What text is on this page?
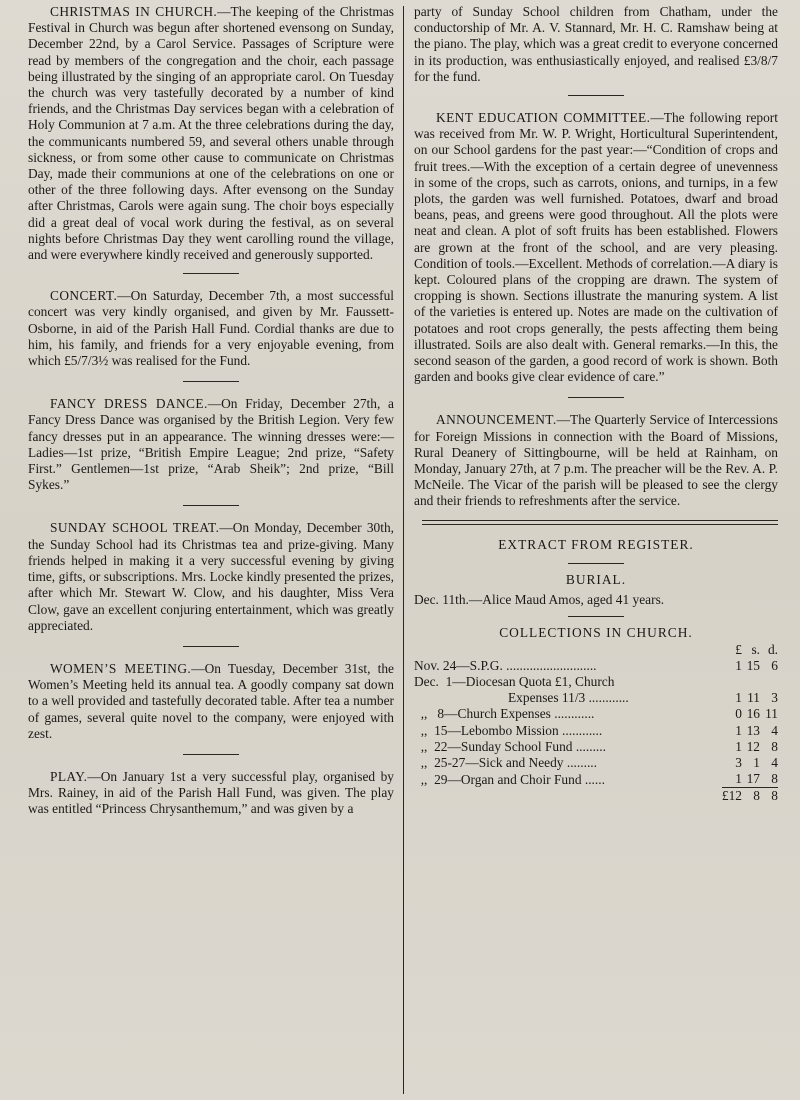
CHRISTMAS IN CHURCH.—The keeping of the Christmas Festival in Church was begun after shortened evensong on Sunday, December 22nd, by a Carol Service. Passages of Scripture were read by members of the congregation and the choir, each passage being illustrated by the singing of an appropriate carol. On Tuesday the church was very tastefully decorated by a number of kind friends, and the Christmas Day services began with a celebration of Holy Communion at 7 a.m. At the three celebrations during the day, the communicants numbered 59, and several others unable through sickness, or from some other cause to communicate on Christmas Day, made their communions at one of the celebrations on one or other of the three following days. After evensong on the Sunday after Christmas, Carols were again sung. The choir boys especially did a great deal of vocal work during the festival, as on several nights before Christmas Day they went carolling round the village, and were everywhere kindly received and generously supported.

CONCERT.—On Saturday, December 7th, a most successful concert was very kindly organised, and given by Mr. Faussett-Osborne, in aid of the Parish Hall Fund. Cordial thanks are due to him, his family, and friends for a very enjoyable evening, from which £5/7/3½ was realised for the Fund.

FANCY DRESS DANCE.—On Friday, December 27th, a Fancy Dress Dance was organised by the British Legion. Very few fancy dresses put in an appearance. The winning dresses were:—Ladies—1st prize, “British Empire League; 2nd prize, “Safety First.” Gentlemen—1st prize, “Arab Sheik”; 2nd prize, “Bill Sykes.”

SUNDAY SCHOOL TREAT.—On Monday, December 30th, the Sunday School had its Christmas tea and prize-giving. Many friends helped in making it a very successful evening by giving time, gifts, or subscriptions. Mrs. Locke kindly presented the prizes, after which Mr. Stewart W. Clow, and his daughter, Miss Vera Clow, gave an excellent conjuring entertainment, which was greatly appreciated.

WOMEN’S MEETING.—On Tuesday, December 31st, the Women’s Meeting held its annual tea. A goodly company sat down to a well provided and tastefully decorated table. After tea a number of games, several quite novel to the company, were enjoyed with zest.

PLAY.—On January 1st a very successful play, organised by Mrs. Rainey, in aid of the Parish Hall Fund, was given. The play was entitled “Princess Chrysanthemum,” and was given by a

party of Sunday School children from Chatham, under the conductorship of Mr. A. V. Stannard, Mr. H. C. Ramshaw being at the piano. The play, which was a great credit to everyone concerned in its production, was enthusiastically enjoyed, and realised £3/8/7 for the fund.

KENT EDUCATION COMMITTEE.—The following report was received from Mr. W. P. Wright, Horticultural Superintendent, on our School gardens for the past year:—“Condition of crops and fruit trees.—With the exception of a certain degree of unevenness in some of the crops, such as carrots, onions, and turnips, in a few plots, the garden was well furnished. Potatoes, dwarf and broad beans, peas, and greens were good throughout. All the plots were neat and clean. A plot of soft fruits has been established. Flowers are grown at the front of the school, and are very pleasing. Condition of tools.—Excellent. Methods of correlation.—A diary is kept. Coloured plans of the cropping are drawn. The system of cropping is shown. Sections illustrate the manuring system. A list of the varieties is entered up. Notes are made on the cultivation of potatoes and root crops generally, the pests affecting them being illustrated. Soils are also dealt with. General remarks.—In this, the second season of the garden, a good record of work is shown. Both garden and books give clear evidence of care.”

ANNOUNCEMENT.—The Quarterly Service of Intercessions for Foreign Missions in connection with the Board of Missions, Rural Deanery of Sittingbourne, will be held at Rainham, on Monday, January 27th, at 7 p.m. The preacher will be the Rev. A. P. McNeile. The Vicar of the parish will be pleased to see the clergy and their friends to refreshments after the service.

EXTRACT FROM REGISTER.

BURIAL.

Dec. 11th.—Alice Maud Amos, aged 41 years.

COLLECTIONS IN CHURCH.

	£	s.	d.
Nov. 24—S.P.G. ...........................	1	15	6
Dec.  1—Diocesan Quota £1, Church			
Expenses 11/3 ............	1	11	3
,,   8—Church Expenses ............	0	16	11
,,  15—Lebombo Mission ............	1	13	4
,,  22—Sunday School Fund .........	1	12	8
,,  25-27—Sick and Needy .........	3	1	4
,,  29—Organ and Choir Fund ......	1	17	8
	£12	8	8
